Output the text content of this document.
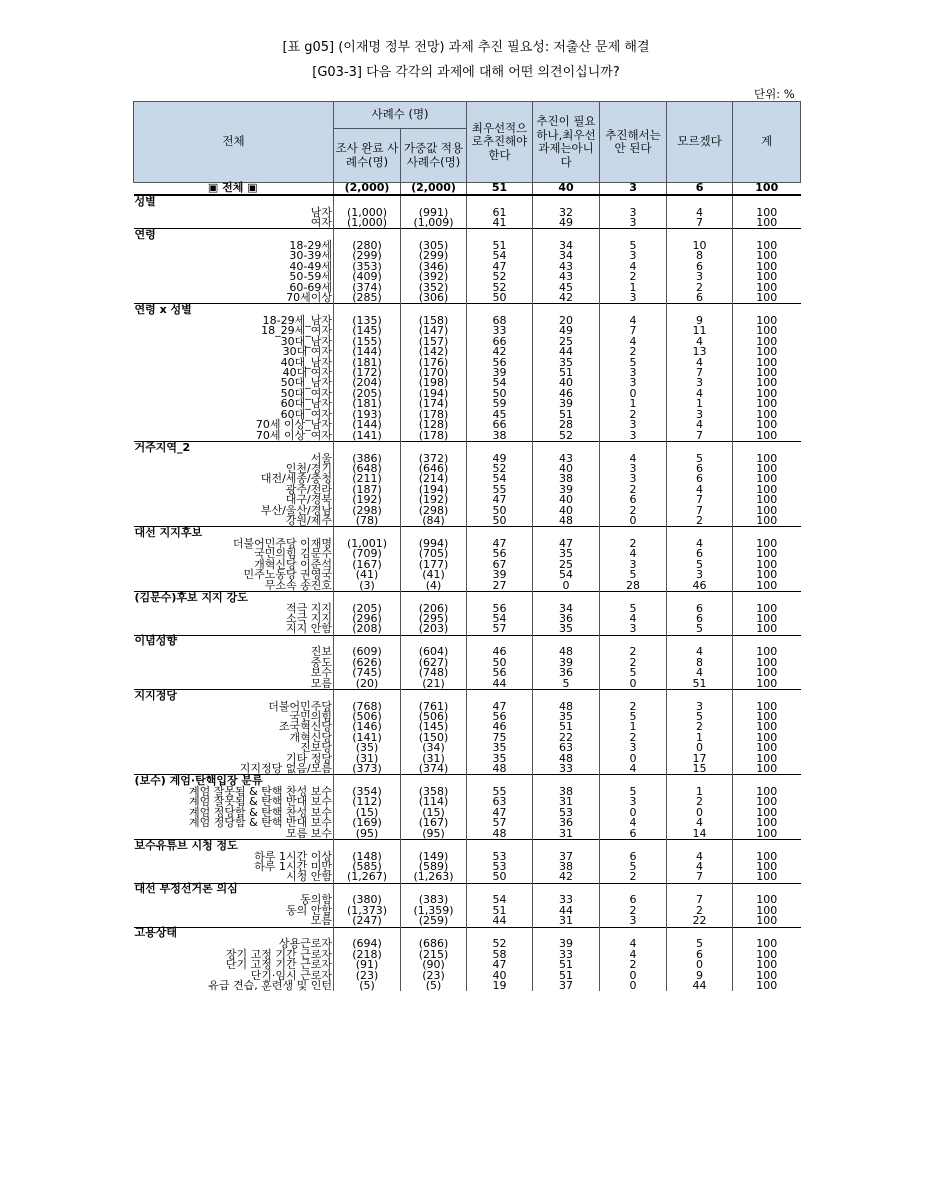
[표 g05] (이재명 정부 전망) 과제 추진 필요성: 저출산 문제 해결
[G03-3] 다음 각각의 과제에 대해 어떤 의견이십니까?
단위: %
전체	사례수 (명)		최우선적으로추진해야한다	추진이 필요하나,최우선 과제는아니다	추진해서는 안 된다	모르겠다	계
	조사 완료 사례수(명)	가중값 적용 사례수(명)					
▣ 전체 ▣	(2,000)	(2,000)	51	40	3	6	100
성별							
남자	(1,000)	(991)	61	32	3	4	100
여자	(1,000)	(1,009)	41	49	3	7	100
연령							
18-29세	(280)	(305)	51	34	5	10	100
30-39세	(299)	(299)	54	34	3	8	100
40-49세	(353)	(346)	47	43	4	6	100
50-59세	(409)	(392)	52	43	2	3	100
60-69세	(374)	(352)	52	45	1	2	100
70세이상	(285)	(306)	50	42	3	6	100
연령 x 성별							
18-29세_남자	(135)	(158)	68	20	4	9	100
18_29세_여자	(145)	(147)	33	49	7	11	100
30대_남자	(155)	(157)	66	25	4	4	100
30대 여자	(144)	(142)	42	44	2	13	100
40대_남자	(181)	(176)	56	35	5	4	100
40대 여자	(172)	(170)	39	51	3	7	100
50대_남자	(204)	(198)	54	40	3	3	100
50대_여자	(205)	(194)	50	46	0	4	100
60대_남자	(181)	(174)	59	39	1	1	100
60대_여자	(193)	(178)	45	51	2	3	100
70세 이상_남자	(144)	(128)	66	28	3	4	100
70세 이상_여자	(141)	(178)	38	52	3	7	100
거주지역_2							
서울	(386)	(372)	49	43	4	5	100
인천/경기	(648)	(646)	52	40	3	6	100
대전/세종/충청	(211)	(214)	54	38	3	6	100
광주/전라	(187)	(194)	55	39	2	4	100
대구/경북	(192)	(192)	47	40	6	7	100
부산/울산/경남	(298)	(298)	50	40	2	7	100
강원/제주	(78)	(84)	50	48	0	2	100
대선 지지후보							
더불어민주당 이재명	(1,001)	(994)	47	47	2	4	100
국민의힘 김문수	(709)	(705)	56	35	4	6	100
개혁신당 이준석	(167)	(177)	67	25	3	5	100
민주노동당 권영국	(41)	(41)	39	54	5	3	100
무소속 송진호	(3)	(4)	27	0	28	46	100
(김문수)후보 지지 강도							
적극 지지	(205)	(206)	56	34	5	6	100
소극 지지	(296)	(295)	54	36	4	6	100
지지 안함	(208)	(203)	57	35	3	5	100
이념성향							
진보	(609)	(604)	46	48	2	4	100
중도	(626)	(627)	50	39	2	8	100
보수	(745)	(748)	56	36	5	4	100
모름	(20)	(21)	44	5	0	51	100
지지정당							
더불어민주당	(768)	(761)	47	48	2	3	100
국민의힘	(506)	(506)	56	35	5	5	100
조국혁신당	(146)	(145)	46	51	1	2	100
개혁신당	(141)	(150)	75	22	2	1	100
진보당	(35)	(34)	35	63	3	0	100
기타 정당	(31)	(31)	35	48	0	17	100
지지정당 없음/모름	(373)	(374)	48	33	4	15	100
(보수) 계엄·탄핵입장 분류							
계엄 잘못됨 & 탄핵 찬성 보수	(354)	(358)	55	38	5	1	100
계엄 잘못됨 & 탄핵 반대 보수	(112)	(114)	63	31	3	2	100
계엄 정당함 & 탄핵 찬성 보수	(15)	(15)	47	53	0	0	100
계엄 정당함 & 탄핵 반대 보수	(169)	(167)	57	36	4	4	100
모름 보수	(95)	(95)	48	31	6	14	100
보수유튜브 시청 정도							
하루 1시간 이상	(148)	(149)	53	37	6	4	100
하루 1시간 미만	(585)	(589)	53	38	5	4	100
시청 안함	(1,267)	(1,263)	50	42	2	7	100
대선 부정선거론 의심							
동의함	(380)	(383)	54	33	6	7	100
동의 안함	(1,373)	(1,359)	51	44	2	2	100
모름	(247)	(259)	44	31	3	22	100
고용상태							
상용근로자	(694)	(686)	52	39	4	5	100
장기 고정 기간 근로자	(218)	(215)	58	33	4	6	100
단기 고정 기간 근로자	(91)	(90)	47	51	2	0	100
단기·임시 근로자	(23)	(23)	40	51	0	9	100
유급 견습, 훈련생 및 인턴	(5)	(5)	19	37	0	44	100
